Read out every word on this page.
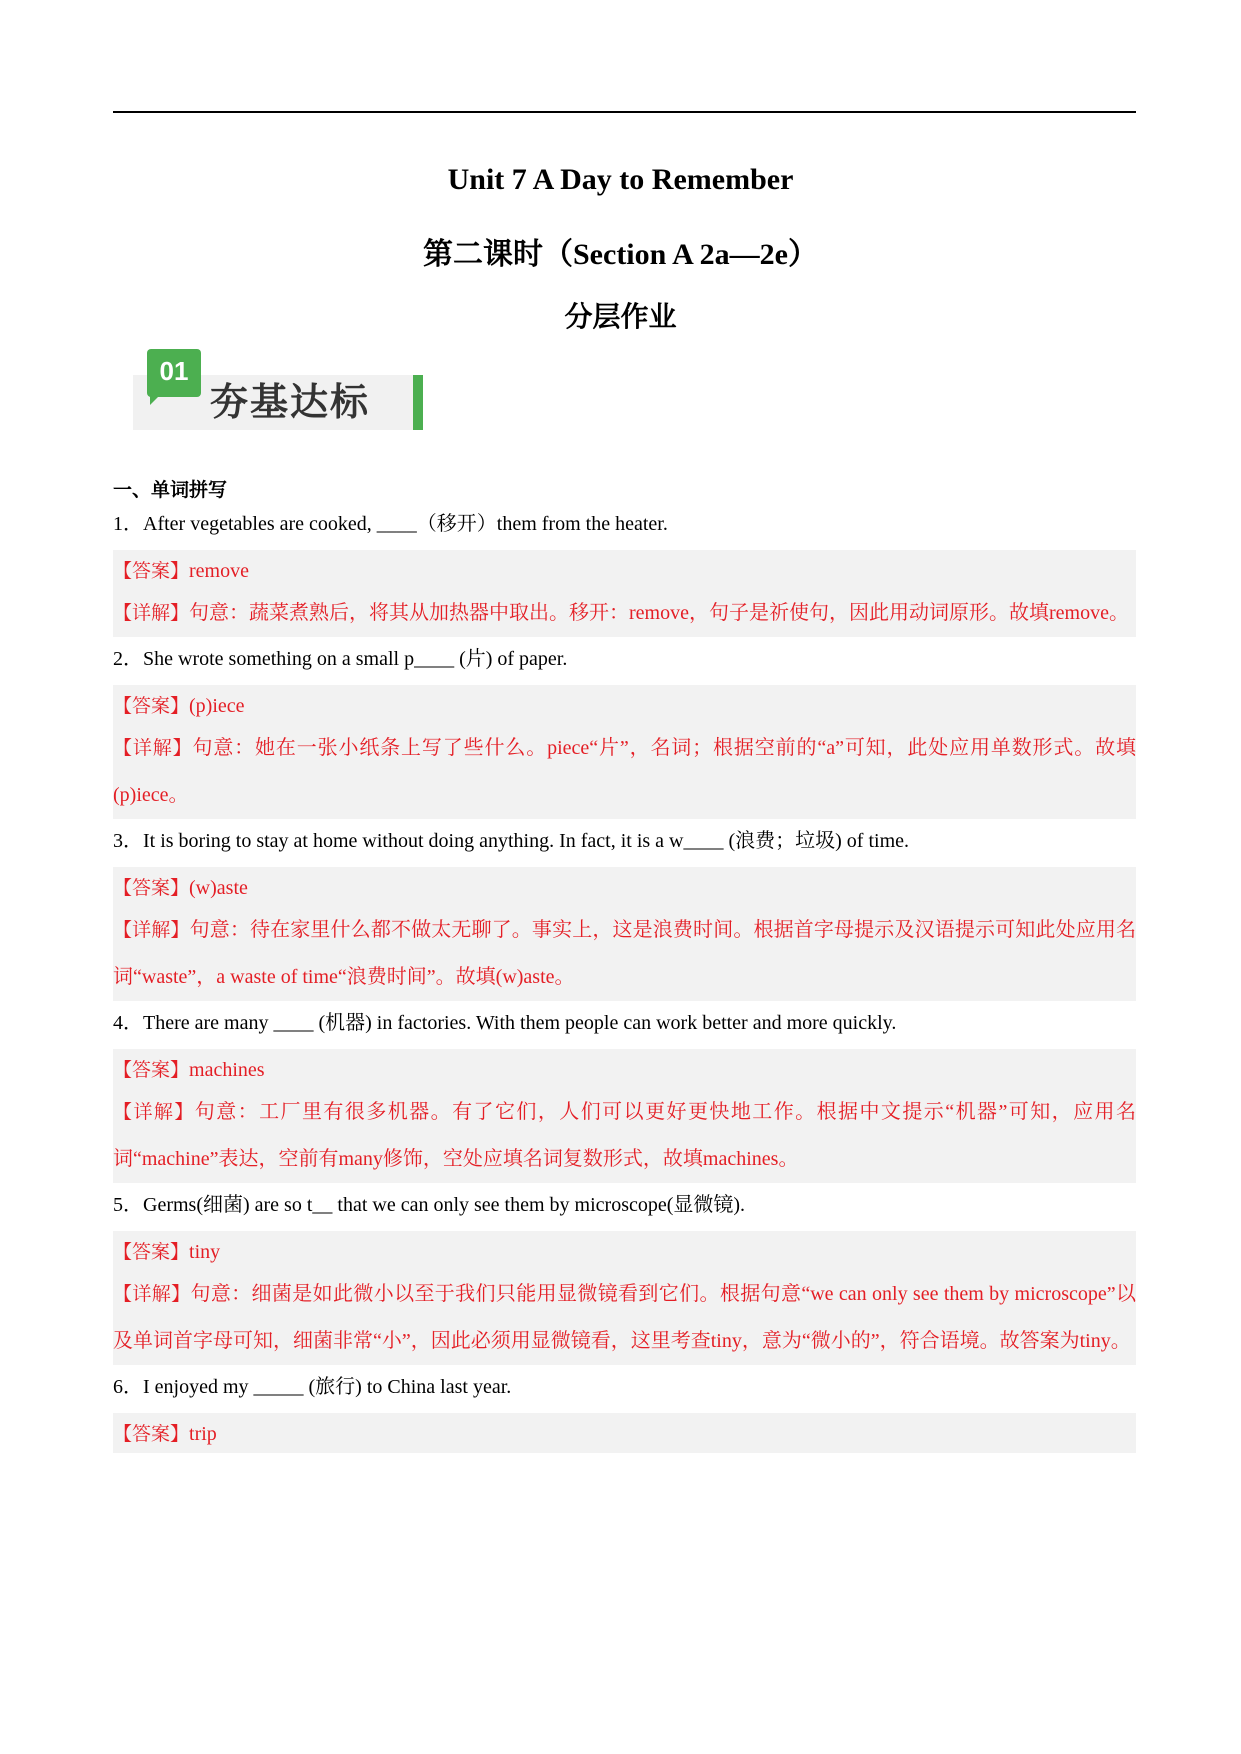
Unit 7 A Day to Remember
第二课时（Section A 2a—2e）
分层作业
01
夯基达标
一、单词拼写
1．After vegetables are cooked, ____（移开）them from the heater.
【答案】remove
【详解】句意：蔬菜煮熟后，将其从加热器中取出。移开：remove，句子是祈使句，因此用动词原形。故填remove。
2．She wrote something on a small p____ (片) of paper.
【答案】(p)iece
【详解】句意：她在一张小纸条上写了些什么。piece“片”，名词；根据空前的“a”可知，此处应用单数形式。故填(p)iece。
3．It is boring to stay at home without doing anything. In fact, it is a w____ (浪费；垃圾) of time.
【答案】(w)aste
【详解】句意：待在家里什么都不做太无聊了。事实上，这是浪费时间。根据首字母提示及汉语提示可知此处应用名词“waste”，a waste of time“浪费时间”。故填(w)aste。
4．There are many ____ (机器) in factories. With them people can work better and more quickly.
【答案】machines
【详解】句意：工厂里有很多机器。有了它们，人们可以更好更快地工作。根据中文提示“机器”可知，应用名词“machine”表达，空前有many修饰，空处应填名词复数形式，故填machines。
5．Germs(细菌) are so t__ that we can only see them by microscope(显微镜).
【答案】tiny
【详解】句意：细菌是如此微小以至于我们只能用显微镜看到它们。根据句意“we can only see them by microscope”以及单词首字母可知，细菌非常“小”，因此必须用显微镜看，这里考查tiny，意为“微小的”，符合语境。故答案为tiny。
6．I enjoyed my _____ (旅行) to China last year.
【答案】trip
